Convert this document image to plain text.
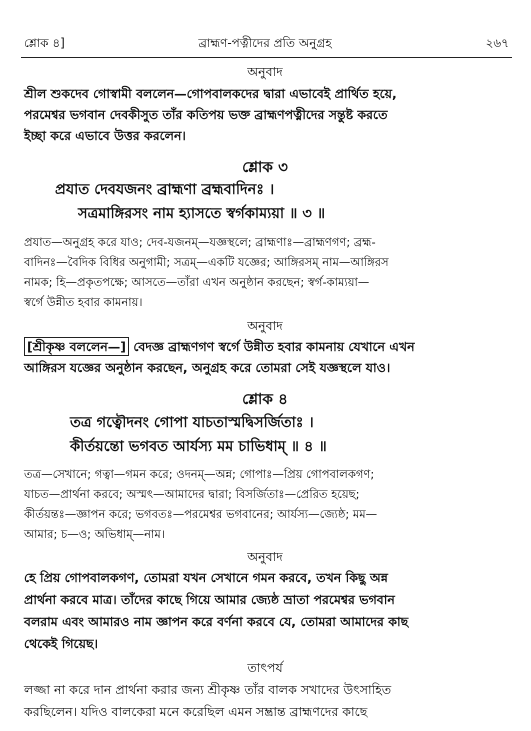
শ্লোক ৪]	ব্রাহ্মণ-পত্নীদের প্রতি অনুগ্রহ	২৬৭
অনুবাদ
শ্রীল শুকদেব গোস্বামী বললেন—গোপবালকদের দ্বারা এভাবেই প্রার্থিত হয়ে,
পরমেশ্বর ভগবান দেবকীসুত তাঁর কতিপয় ভক্ত ব্রাহ্মণপত্নীদের সন্তুষ্ট করতে
ইচ্ছা করে এভাবে উত্তর করলেন।
শ্লোক ৩
প্রযাত দেবযজনং ব্রাহ্মণা ব্রহ্মবাদিনঃ ।
সত্রমাঙ্গিরসং নাম হ্যাসতে স্বর্গকাম্যয়া ॥ ৩ ॥
প্রযাত—অনুগ্রহ করে যাও; দেব-যজনম্—যজ্ঞস্থলে; ব্রাহ্মণাঃ—ব্রাহ্মণগণ; ব্রহ্ম-
বাদিনঃ—বৈদিক বিধির অনুগামী; সত্রম্—একটি যজ্ঞের; আঙ্গিরসম্ নাম—আঙ্গিরস
নামক; হি—প্রকৃতপক্ষে; আসতে—তাঁরা এখন অনুষ্ঠান করছেন; স্বর্গ-কাম্যয়া—
স্বর্গে উন্নীত হবার কামনায়।
অনুবাদ
[শ্রীকৃষ্ণ বললেন—] বেদজ্ঞ ব্রাহ্মণগণ স্বর্গে উন্নীত হবার কামনায় যেখানে এখন
আঙ্গিরস যজ্ঞের অনুষ্ঠান করছেন, অনুগ্রহ করে তোমরা সেই যজ্ঞস্থলে যাও।
শ্লোক ৪
তত্র গত্বৌদনং গোপা যাচতাস্মদ্বিসর্জিতাঃ ।
কীর্তয়ন্তো ভগবত আর্যস্য মম চাভিধাম্ ॥ ৪ ॥
তত্র—সেখানে; গত্বা—গমন করে; ওদনম্—অন্ন; গোপাঃ—প্রিয় গোপবালকগণ;
যাচত—প্রার্থনা করবে; অস্মৎ—আমাদের দ্বারা; বিসর্জিতাঃ—প্রেরিত হয়েছ;
কীর্তয়ন্তঃ—জ্ঞাপন করে; ভগবতঃ—পরমেশ্বর ভগবানের; আর্যস্য—জ্যেষ্ঠ; মম—
আমার; চ—ও; অভিধাম্—নাম।
অনুবাদ
হে প্রিয় গোপবালকগণ, তোমরা যখন সেখানে গমন করবে, তখন কিছু অন্ন
প্রার্থনা করবে মাত্র। তাঁদের কাছে গিয়ে আমার জ্যেষ্ঠ ভ্রাতা পরমেশ্বর ভগবান
বলরাম এবং আমারও নাম জ্ঞাপন করে বর্ণনা করবে যে, তোমরা আমাদের কাছ
থেকেই গিয়েছ।
তাৎপর্য
লজ্জা না করে দান প্রার্থনা করার জন্য শ্রীকৃষ্ণ তাঁর বালক সখাদের উৎসাহিত
করছিলেন। যদিও বালকেরা মনে করেছিল এমন সম্ভ্রান্ত ব্রাহ্মণদের কাছে
